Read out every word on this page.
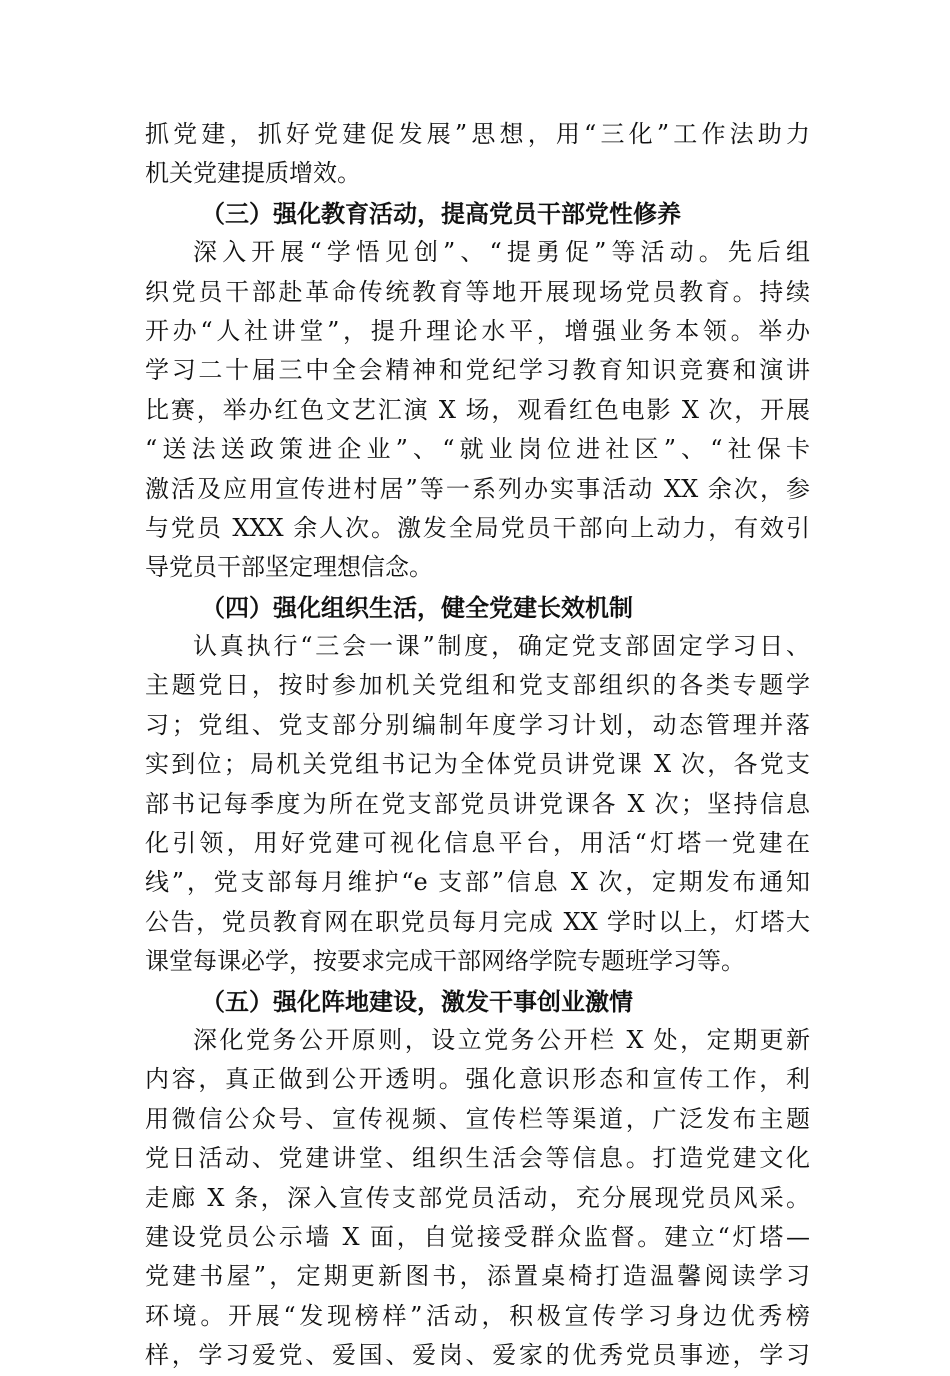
抓党建，抓好党建促发展”思想，用“三化”工作法助力
机关党建提质增效。
（三）强化教育活动，提高党员干部党性修养
深入开展“学悟见创”、“提勇促”等活动。先后组
织党员干部赴革命传统教育等地开展现场党员教育。持续
开办“人社讲堂”，提升理论水平，增强业务本领。举办
学习二十届三中全会精神和党纪学习教育知识竞赛和演讲
比赛，举办红色文艺汇演 X 场，观看红色电影 X 次，开展
“送法送政策进企业”、“就业岗位进社区”、“社保卡
激活及应用宣传进村居”等一系列办实事活动 XX 余次，参
与党员 XXX 余人次。激发全局党员干部向上动力，有效引
导党员干部坚定理想信念。
（四）强化组织生活，健全党建长效机制
认真执行“三会一课”制度，确定党支部固定学习日、
主题党日，按时参加机关党组和党支部组织的各类专题学
习；党组、党支部分别编制年度学习计划，动态管理并落
实到位；局机关党组书记为全体党员讲党课 X 次，各党支
部书记每季度为所在党支部党员讲党课各 X 次；坚持信息
化引领，用好党建可视化信息平台，用活“灯塔一党建在
线”，党支部每月维护“e 支部”信息 X 次，定期发布通知
公告，党员教育网在职党员每月完成 XX 学时以上，灯塔大
课堂每课必学，按要求完成干部网络学院专题班学习等。
（五）强化阵地建设，激发干事创业激情
深化党务公开原则，设立党务公开栏 X 处，定期更新
内容，真正做到公开透明。强化意识形态和宣传工作，利
用微信公众号、宣传视频、宣传栏等渠道，广泛发布主题
党日活动、党建讲堂、组织生活会等信息。打造党建文化
走廊 X 条，深入宣传支部党员活动，充分展现党员风采。
建设党员公示墙 X 面，自觉接受群众监督。建立“灯塔—
党建书屋”，定期更新图书，添置桌椅打造温馨阅读学习
环境。开展“发现榜样”活动，积极宣传学习身边优秀榜
样，学习爱党、爱国、爱岗、爱家的优秀党员事迹，学习
